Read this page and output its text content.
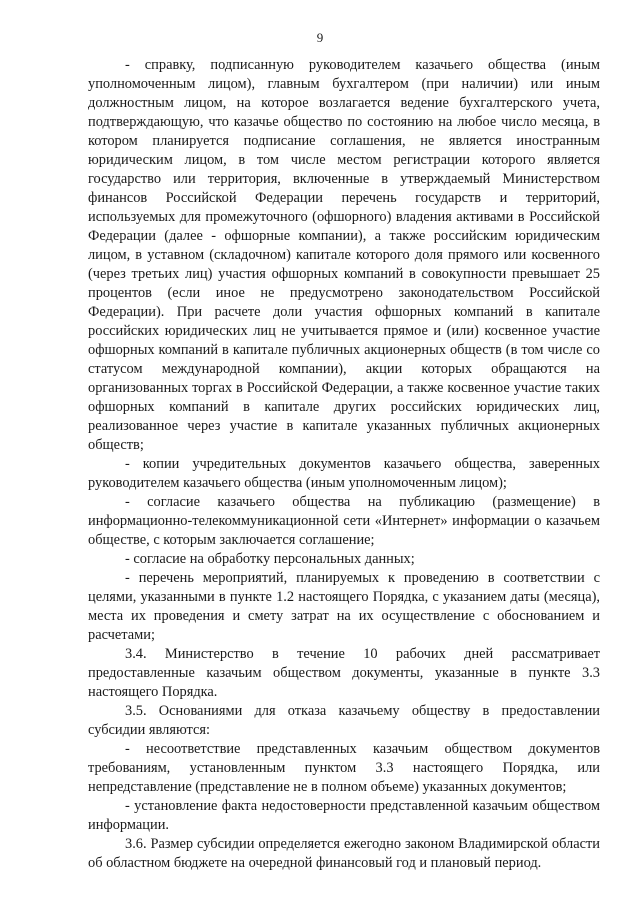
9

- справку, подписанную руководителем казачьего общества (иным уполномоченным лицом), главным бухгалтером (при наличии) или иным должностным лицом, на которое возлагается ведение бухгалтерского учета, подтверждающую, что казачье общество по состоянию на любое число месяца, в котором планируется подписание соглашения, не является иностранным юридическим лицом, в том числе местом регистрации которого является государство или территория, включенные в утверждаемый Министерством финансов Российской Федерации перечень государств и территорий, используемых для промежуточного (офшорного) владения активами в Российской Федерации (далее - офшорные компании), а также российским юридическим лицом, в уставном (складочном) капитале которого доля прямого или косвенного (через третьих лиц) участия офшорных компаний в совокупности превышает 25 процентов (если иное не предусмотрено законодательством Российской Федерации). При расчете доли участия офшорных компаний в капитале российских юридических лиц не учитывается прямое и (или) косвенное участие офшорных компаний в капитале публичных акционерных обществ (в том числе со статусом международной компании), акции которых обращаются на организованных торгах в Российской Федерации, а также косвенное участие таких офшорных компаний в капитале других российских юридических лиц, реализованное через участие в капитале указанных публичных акционерных обществ;

- копии учредительных документов казачьего общества, заверенных руководителем казачьего общества (иным уполномоченным лицом);

- согласие казачьего общества на публикацию (размещение) в информационно-телекоммуникационной сети «Интернет» информации о казачьем обществе, с которым заключается соглашение;

- согласие на обработку персональных данных;

- перечень мероприятий, планируемых к проведению в соответствии с целями, указанными в пункте 1.2 настоящего Порядка, с указанием даты (месяца), места их проведения и смету затрат на их осуществление с обоснованием и расчетами;

3.4. Министерство в течение 10 рабочих дней рассматривает предоставленные казачьим обществом документы, указанные в пункте 3.3 настоящего Порядка.

3.5. Основаниями для отказа казачьему обществу в предоставлении субсидии являются:

- несоответствие представленных казачьим обществом документов требованиям, установленным пунктом 3.3 настоящего Порядка, или непредставление (представление не в полном объеме) указанных документов;

- установление факта недостоверности представленной казачьим обществом информации.

3.6. Размер субсидии определяется ежегодно законом Владимирской области об областном бюджете на очередной финансовый год и плановый период.
